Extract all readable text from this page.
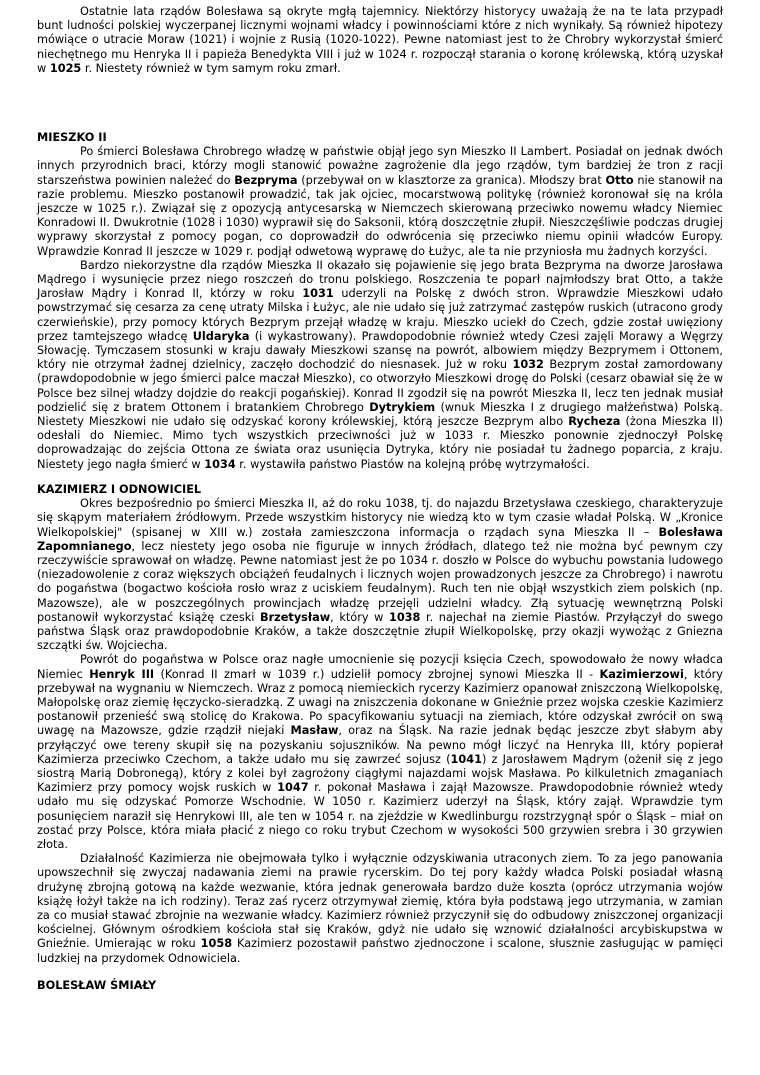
Ostatnie lata rządów Bolesława są okryte mgłą tajemnicy. Niektórzy historycy uważają że na te lata przypadł bunt ludności polskiej wyczerpanej licznymi wojnami władcy i powinnościami które z nich wynikały. Są również hipotezy mówiące o utracie Moraw (1021) i wojnie z Rusią (1020-1022). Pewne natomiast jest to że Chrobry wykorzystał śmierć niechętnego mu Henryka II i papieża Benedykta VIII i już w 1024 r. rozpoczął starania o koronę królewską, którą uzyskał w 1025 r. Niestety również w tym samym roku zmarł.

MIESZKO II

Po śmierci Bolesława Chrobrego władzę w państwie objął jego syn Mieszko II Lambert. Posiadał on jednak dwóch innych przyrodnich braci, którzy mogli stanowić poważne zagrożenie dla jego rządów, tym bardziej że tron z racji starszeństwa powinien należeć do Bezpryma (przebywał on w klasztorze za granica). Młodszy brat Otto nie stanowił na razie problemu. Mieszko postanowił prowadzić, tak jak ojciec, mocarstwową politykę (również koronował się na króla jeszcze w 1025 r.). Związał się z opozycją antycesarską w Niemczech skierowaną przeciwko nowemu władcy Niemiec Konradowi II. Dwukrotnie (1028 i 1030) wyprawił się do Saksonii, którą doszczętnie złupił. Nieszczęśliwie podczas drugiej wyprawy skorzystał z pomocy pogan, co doprowadził do odwrócenia się przeciwko niemu opinii władców Europy. Wprawdzie Konrad II jeszcze w 1029 r. podjął odwetową wyprawę do Łużyc, ale ta nie przyniosła mu żadnych korzyści.

Bardzo niekorzystne dla rządów Mieszka II okazało się pojawienie się jego brata Bezpryma na dworze Jarosława Mądrego i wysunięcie przez niego roszczeń do tronu polskiego. Roszczenia te poparł najmłodszy brat Otto, a także Jarosław Mądry i Konrad II, którzy w roku 1031 uderzyli na Polskę z dwóch stron. Wprawdzie Mieszkowi udało powstrzymać się cesarza za cenę utraty Milska i Łużyc, ale nie udało się już zatrzymać zastępów ruskich (utracono grody czerwieńskie), przy pomocy których Bezprym przejął władzę w kraju. Mieszko uciekł do Czech, gdzie został uwięziony przez tamtejszego władcę Uldaryka (i wykastrowany). Prawdopodobnie również wtedy Czesi zajęli Morawy a Węgrzy Słowację. Tymczasem stosunki w kraju dawały Mieszkowi szansę na powrót, albowiem między Bezprymem i Ottonem, który nie otrzymał żadnej dzielnicy, zaczęło dochodzić do niesnasek. Już w roku 1032 Bezprym został zamordowany (prawdopodobnie w jego śmierci palce maczał Mieszko), co otworzyło Mieszkowi drogę do Polski (cesarz obawiał się że w Polsce bez silnej władzy dojdzie do reakcji pogańskiej). Konrad II zgodził się na powrót Mieszka II, lecz ten jednak musiał podzielić się z bratem Ottonem i bratankiem Chrobrego Dytrykiem (wnuk Mieszka I z drugiego małżeństwa) Polską. Niestety Mieszkowi nie udało się odzyskać korony królewskiej, którą jeszcze Bezprym albo Rycheza (żona Mieszka II) odesłali do Niemiec. Mimo tych wszystkich przeciwności już w 1033 r. Mieszko ponownie zjednoczył Polskę doprowadzając do zejścia Ottona ze świata oraz usunięcia Dytryka, który nie posiadał tu żadnego poparcia, z kraju. Niestety jego nagła śmierć w 1034 r. wystawiła państwo Piastów na kolejną próbę wytrzymałości.

KAZIMIERZ I ODNOWICIEL

Okres bezpośrednio po śmierci Mieszka II, aż do roku 1038, tj. do najazdu Brzetysława czeskiego, charakteryzuje się skąpym materiałem źródłowym. Przede wszystkim historycy nie wiedzą kto w tym czasie władał Polską. W „Kronice Wielkopolskiej" (spisanej w XIII w.) została zamieszczona informacja o rządach syna Mieszka II – Bolesława Zapomnianego, lecz niestety jego osoba nie figuruje w innych źródłach, dlatego też nie można być pewnym czy rzeczywiście sprawował on władzę. Pewne natomiast jest że po 1034 r. doszło w Polsce do wybuchu powstania ludowego (niezadowolenie z coraz większych obciążeń feudalnych i licznych wojen prowadzonych jeszcze za Chrobrego) i nawrotu do pogaństwa (bogactwo kościoła rosło wraz z uciskiem feudalnym). Ruch ten nie objął wszystkich ziem polskich (np. Mazowsze), ale w poszczególnych prowincjach władzę przejęli udzielni władcy. Złą sytuację wewnętrzną Polski postanowił wykorzystać książę czeski Brzetysław, który w 1038 r. najechał na ziemie Piastów. Przyłączył do swego państwa Śląsk oraz prawdopodobnie Kraków, a także doszczętnie złupił Wielkopolskę, przy okazji wywożąc z Gniezna szczątki św. Wojciecha.

Powrót do pogaństwa w Polsce oraz nagłe umocnienie się pozycji księcia Czech, spowodowało że nowy władca Niemiec Henryk III (Konrad II zmarł w 1039 r.) udzielił pomocy zbrojnej synowi Mieszka II - Kazimierzowi, który przebywał na wygnaniu w Niemczech. Wraz z pomocą niemieckich rycerzy Kazimierz opanował zniszczoną Wielkopolskę, Małopolskę oraz ziemię łęczycko-sieradzką. Z uwagi na zniszczenia dokonane w Gnieźnie przez wojska czeskie Kazimierz postanowił przenieść swą stolicę do Krakowa. Po spacyfikowaniu sytuacji na ziemiach, które odzyskał zwrócił on swą uwagę na Mazowsze, gdzie rządził niejaki Masław, oraz na Śląsk. Na razie jednak będąc jeszcze zbyt słabym aby przyłączyć owe tereny skupił się na pozyskaniu sojuszników. Na pewno mógł liczyć na Henryka III, który popierał Kazimierza przeciwko Czechom, a także udało mu się zawrzeć sojusz (1041) z Jarosławem Mądrym (ożenił się z jego siostrą Marią Dobronegą), który z kolei był zagrożony ciągłymi najazdami wojsk Masława. Po kilkuletnich zmaganiach Kazimierz przy pomocy wojsk ruskich w 1047 r. pokonał Masława i zajął Mazowsze. Prawdopodobnie również wtedy udało mu się odzyskać Pomorze Wschodnie. W 1050 r. Kazimierz uderzył na Śląsk, który zajął. Wprawdzie tym posunięciem naraził się Henrykowi III, ale ten w 1054 r. na zjeździe w Kwedlinburgu rozstrzygnął spór o Śląsk – miał on zostać przy Polsce, która miała płacić z niego co roku trybut Czechom w wysokości 500 grzywien srebra i 30 grzywien złota.

Działalność Kazimierza nie obejmowała tylko i wyłącznie odzyskiwania utraconych ziem. To za jego panowania upowszechnił się zwyczaj nadawania ziemi na prawie rycerskim. Do tej pory każdy władca Polski posiadał własną drużynę zbrojną gotową na każde wezwanie, która jednak generowała bardzo duże koszta (oprócz utrzymania wojów książę łożył także na ich rodziny). Teraz zaś rycerz otrzymywał ziemię, która była podstawą jego utrzymania, w zamian za co musiał stawać zbrojnie na wezwanie władcy. Kazimierz również przyczynił się do odbudowy zniszczonej organizacji kościelnej. Głównym ośrodkiem kościoła stał się Kraków, gdyż nie udało się wznowić działalności arcybiskupstwa w Gnieźnie. Umierając w roku 1058 Kazimierz pozostawił państwo zjednoczone i scalone, słusznie zasługując w pamięci ludzkiej na przydomek Odnowiciela.

BOLESŁAW ŚMIAŁY
